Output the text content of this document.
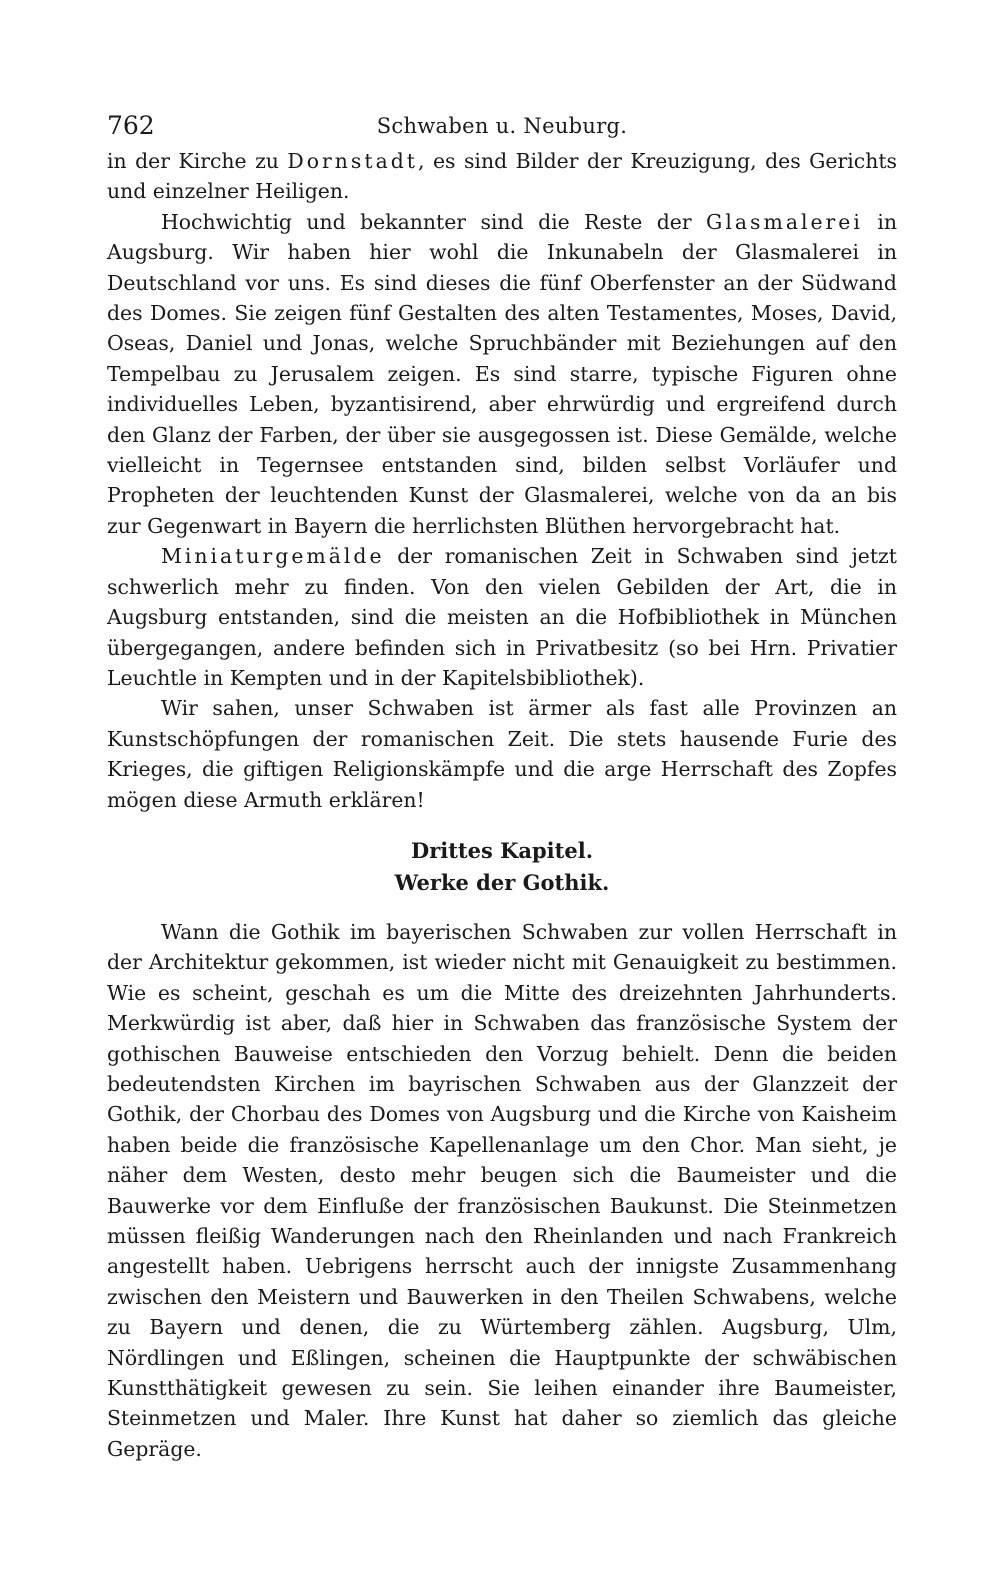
762	Schwaben u. Neuburg.

in der Kirche zu Dornstadt, es sind Bilder der Kreuzigung, des Gerichts und einzelner Heiligen.

Hochwichtig und bekannter sind die Reste der Glasmalerei in Augsburg. Wir haben hier wohl die Inkunabeln der Glasmalerei in Deutschland vor uns. Es sind dieses die fünf Oberfenster an der Südwand des Domes. Sie zeigen fünf Gestalten des alten Testamentes, Moses, David, Oseas, Daniel und Jonas, welche Spruchbänder mit Beziehungen auf den Tempelbau zu Jerusalem zeigen. Es sind starre, typische Figuren ohne individuelles Leben, byzantisirend, aber ehrwürdig und ergreifend durch den Glanz der Farben, der über sie ausgegossen ist. Diese Gemälde, welche vielleicht in Tegernsee entstanden sind, bilden selbst Vorläufer und Propheten der leuchtenden Kunst der Glasmalerei, welche von da an bis zur Gegenwart in Bayern die herrlichsten Blüthen hervorgebracht hat.

Miniaturgemälde der romanischen Zeit in Schwaben sind jetzt schwerlich mehr zu finden. Von den vielen Gebilden der Art, die in Augsburg entstanden, sind die meisten an die Hofbibliothek in München übergegangen, andere befinden sich in Privatbesitz (so bei Hrn. Privatier Leuchtle in Kempten und in der Kapitelsbibliothek).

Wir sahen, unser Schwaben ist ärmer als fast alle Provinzen an Kunstschöpfungen der romanischen Zeit. Die stets hausende Furie des Krieges, die giftigen Religionskämpfe und die arge Herrschaft des Zopfes mögen diese Armuth erklären!

Drittes Kapitel.
Werke der Gothik.

Wann die Gothik im bayerischen Schwaben zur vollen Herrschaft in der Architektur gekommen, ist wieder nicht mit Genauigkeit zu bestimmen. Wie es scheint, geschah es um die Mitte des dreizehnten Jahrhunderts. Merkwürdig ist aber, daß hier in Schwaben das französische System der gothischen Bauweise entschieden den Vorzug behielt. Denn die beiden bedeutendsten Kirchen im bayrischen Schwaben aus der Glanzzeit der Gothik, der Chorbau des Domes von Augsburg und die Kirche von Kaisheim haben beide die französische Kapellenanlage um den Chor. Man sieht, je näher dem Westen, desto mehr beugen sich die Baumeister und die Bauwerke vor dem Einfluße der französischen Baukunst. Die Steinmetzen müssen fleißig Wanderungen nach den Rheinlanden und nach Frankreich angestellt haben. Uebrigens herrscht auch der innigste Zusammenhang zwischen den Meistern und Bauwerken in den Theilen Schwabens, welche zu Bayern und denen, die zu Würtemberg zählen. Augsburg, Ulm, Nördlingen und Eßlingen, scheinen die Hauptpunkte der schwäbischen Kunstthätigkeit gewesen zu sein. Sie leihen einander ihre Baumeister, Steinmetzen und Maler. Ihre Kunst hat daher so ziemlich das gleiche Gepräge.
